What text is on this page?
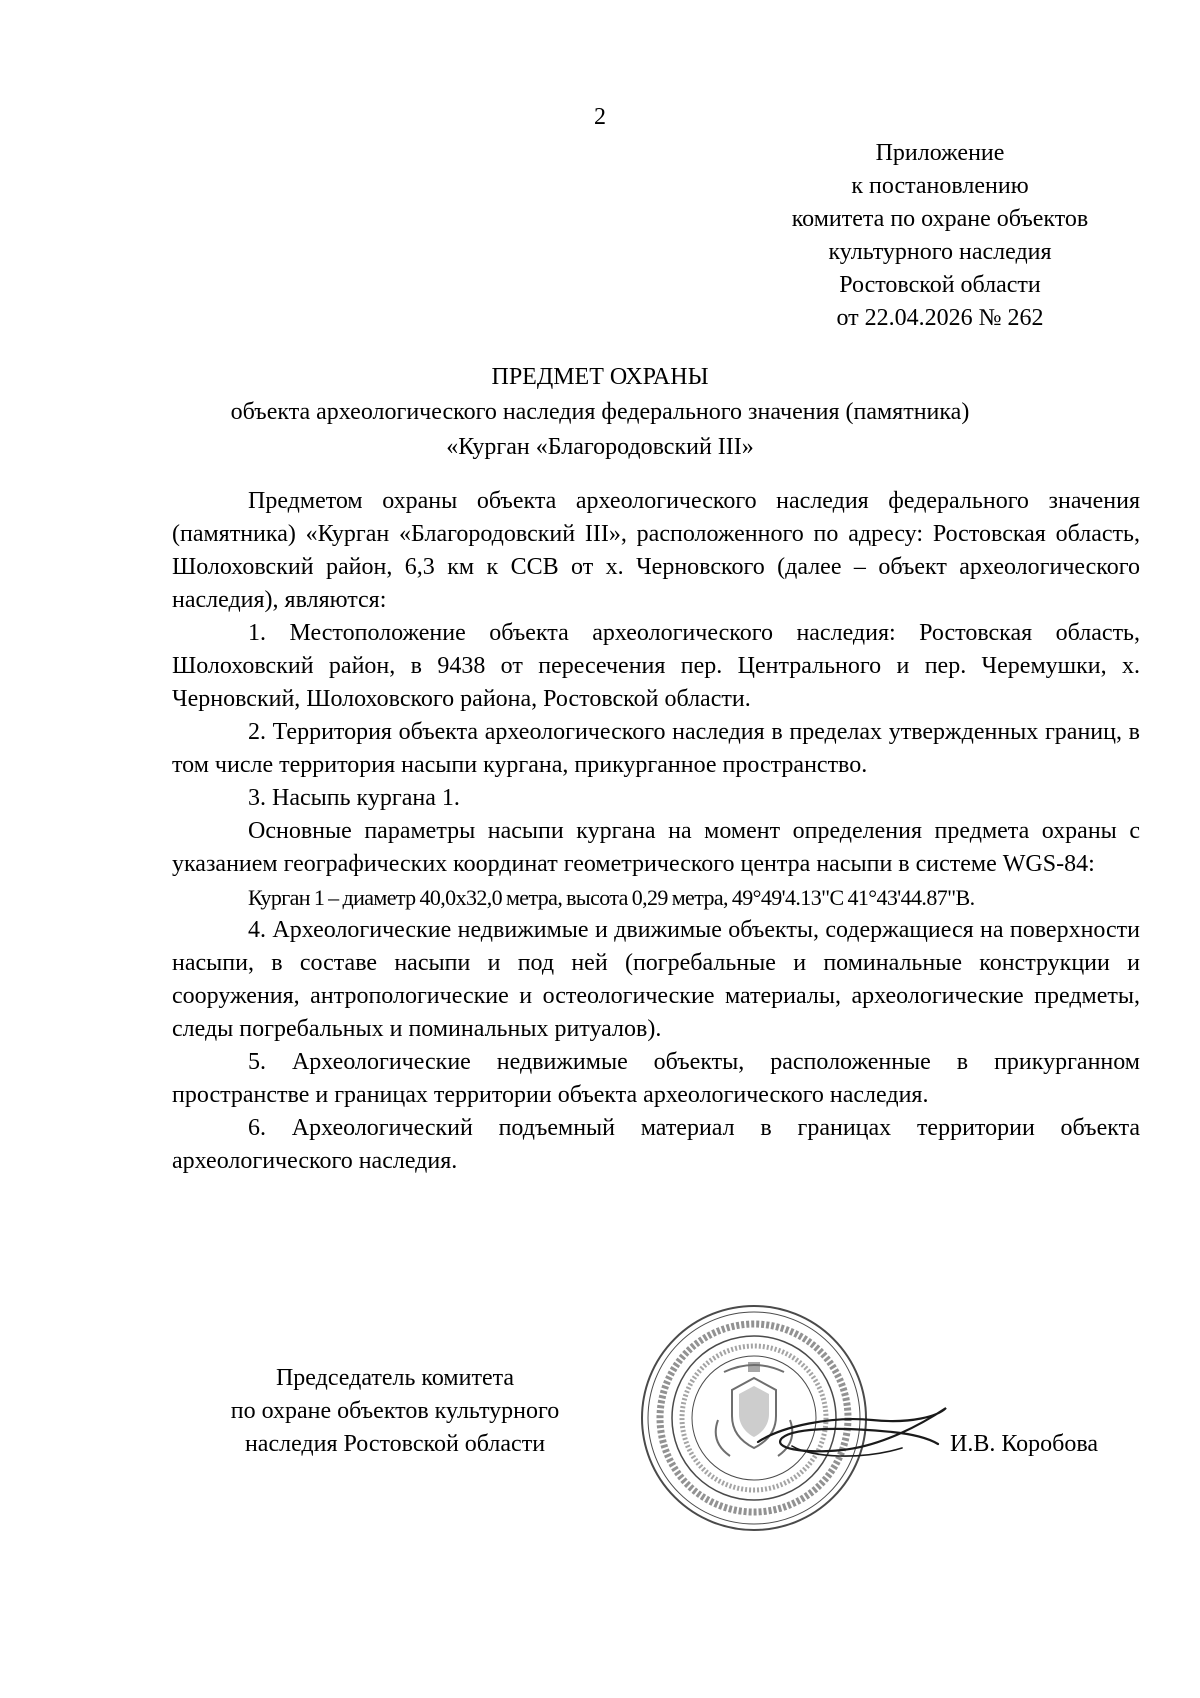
2
Приложение
к постановлению
комитета по охране объектов
культурного наследия
Ростовской области
от 22.04.2026 № 262
ПРЕДМЕТ ОХРАНЫ
объекта археологического наследия федерального значения (памятника)
«Курган «Благородовский III»

Предметом охраны объекта археологического наследия федерального значения (памятника) «Курган «Благородовский III», расположенного по адресу: Ростовская область, Шолоховский район, 6,3 км к ССВ от х. Черновского (далее – объект археологического наследия), являются:

1. Местоположение объекта археологического наследия: Ростовская область, Шолоховский район, в 9438 от пересечения пер. Центрального и пер. Черемушки, х. Черновский, Шолоховского района, Ростовской области.

2. Территория объекта археологического наследия в пределах утвержденных границ, в том числе территория насыпи кургана, прикурганное пространство.

3. Насыпь кургана 1.

Основные параметры насыпи кургана на момент определения предмета охраны с указанием географических координат геометрического центра насыпи в системе WGS-84:

Курган 1 – диаметр 40,0х32,0 метра, высота 0,29 метра, 49°49'4.13"С 41°43'44.87"В.

4. Археологические недвижимые и движимые объекты, содержащиеся на поверхности насыпи, в составе насыпи и под ней (погребальные и поминальные конструкции и сооружения, антропологические и остеологические материалы, археологические предметы, следы погребальных и поминальных ритуалов).

5. Археологические недвижимые объекты, расположенные в прикурганном пространстве и границах территории объекта археологического наследия.

6. Археологический подъемный материал в границах территории объекта археологического наследия.

Председатель комитета
по охране объектов культурного
наследия Ростовской области	И.В. Коробова
